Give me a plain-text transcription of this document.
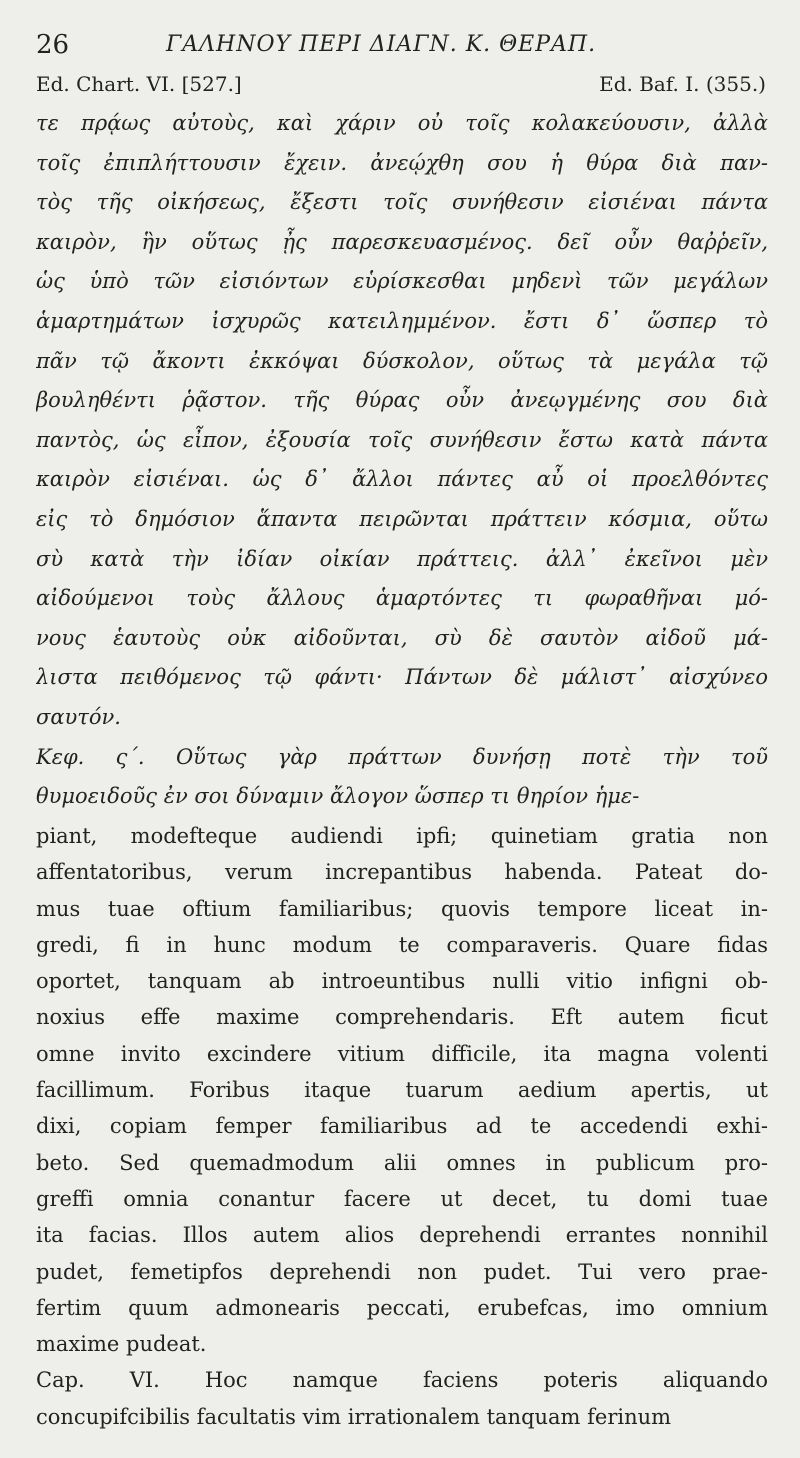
26	ΓΑΛΗΝΟΥ ΠΕΡΙ ΔΙΑΓΝ. Κ. ΘΕΡΑΠ.
Ed. Chart. VI. [527.]	Ed. Baf. I. (355.)
τε πρᾴως αὐτοὺς, καὶ χάριν οὐ τοῖς κολακεύουσιν, ἀλλὰ
τοῖς ἐπιπλήττουσιν ἔχειν. ἀνεῴχθη σου ἡ θύρα διὰ παν-
τὸς τῆς οἰκήσεως, ἔξεστι τοῖς συνήθεσιν εἰσιέναι πάντα
καιρὸν, ἣν οὕτως ᾖς παρεσκευασμένος. δεῖ οὖν θαῤῥεῖν,
ὡς ὑπὸ τῶν εἰσιόντων εὑρίσκεσθαι μηδενὶ τῶν μεγάλων
ἁμαρτημάτων ἰσχυρῶς κατειλημμένον. ἔστι δ᾽ ὥσπερ τὸ
πᾶν τῷ ἄκοντι ἐκκόψαι δύσκολον, οὕτως τὰ μεγάλα τῷ
βουληθέντι ῥᾷστον. τῆς θύρας οὖν ἀνεῳγμένης σου διὰ
παντὸς, ὡς εἶπον, ἐξουσία τοῖς συνήθεσιν ἔστω κατὰ πάντα
καιρὸν εἰσιέναι. ὡς δ᾽ ἄλλοι πάντες αὖ οἱ προελθόντες
εἰς τὸ δημόσιον ἅπαντα πειρῶνται πράττειν κόσμια, οὕτω
σὺ κατὰ τὴν ἰδίαν οἰκίαν πράττεις. ἀλλ᾽ ἐκεῖνοι μὲν
αἰδούμενοι τοὺς ἄλλους ἁμαρτόντες τι φωραθῆναι μό-
νους ἑαυτοὺς οὐκ αἰδοῦνται, σὺ δὲ σαυτὸν αἰδοῦ μά-
λιστα πειθόμενος τῷ φάντι· Πάντων δὲ μάλιστ᾽ αἰσχύνεο
σαυτόν.
Κεφ. ς΄. Οὕτως γὰρ πράττων δυνήσῃ ποτὲ τὴν τοῦ
θυμοειδοῦς ἐν σοι δύναμιν ἄλογον ὥσπερ τι θηρίον ἡμε-
piant, modefteque audiendi ipfi; quinetiam gratia non
affentatoribus, verum increpantibus habenda. Pateat do-
mus tuae oftium familiaribus; quovis tempore liceat in-
gredi, fi in hunc modum te comparaveris. Quare fidas
oportet, tanquam ab introeuntibus nulli vitio infigni ob-
noxius effe maxime comprehendaris. Eft autem ficut
omne invito excindere vitium difficile, ita magna volenti
facillimum. Foribus itaque tuarum aedium apertis, ut
dixi, copiam femper familiaribus ad te accedendi exhi-
beto. Sed quemadmodum alii omnes in publicum pro-
greffi omnia conantur facere ut decet, tu domi tuae
ita facias. Illos autem alios deprehendi errantes nonnihil
pudet, femetipfos deprehendi non pudet. Tui vero prae-
fertim quum admonearis peccati, erubefcas, imo omnium
maxime pudeat.
Cap. VI. Hoc namque faciens poteris aliquando
concupifcibilis facultatis vim irrationalem tanquam ferinum
